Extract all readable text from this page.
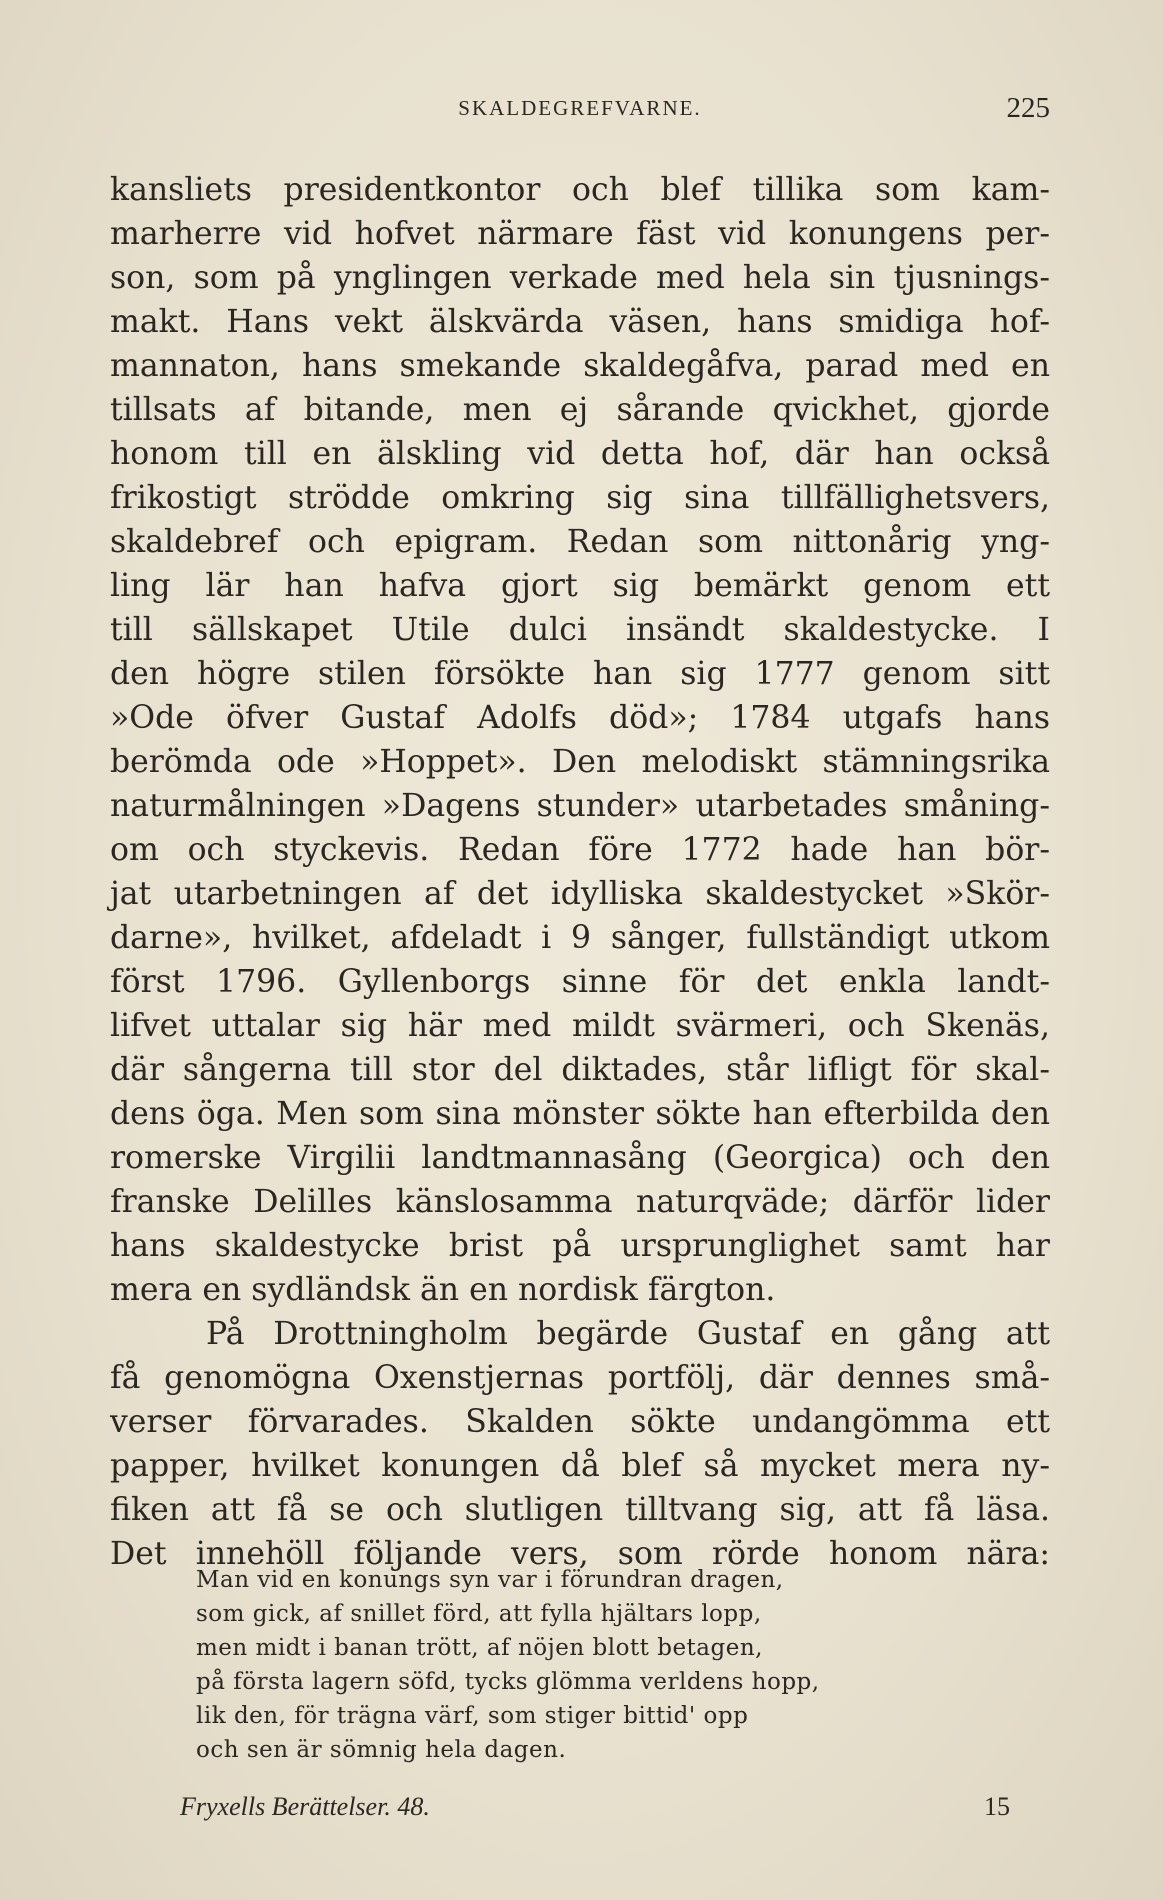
SKALDEGREFVARNE.	225
kansliets presidentkontor och blef tillika som kam-
marherre vid hofvet närmare fäst vid konungens per-
son, som på ynglingen verkade med hela sin tjusnings-
makt. Hans vekt älskvärda väsen, hans smidiga hof-
mannaton, hans smekande skaldegåfva, parad med en
tillsats af bitande, men ej sårande qvickhet, gjorde
honom till en älskling vid detta hof, där han också
frikostigt strödde omkring sig sina tillfällighetsvers,
skaldebref och epigram. Redan som nittonårig yng-
ling lär han hafva gjort sig bemärkt genom ett
till sällskapet Utile dulci insändt skaldestycke. I
den högre stilen försökte han sig 1777 genom sitt
»Ode öfver Gustaf Adolfs död»; 1784 utgafs hans
berömda ode »Hoppet». Den melodiskt stämningsrika
naturmålningen »Dagens stunder» utarbetades småning-
om och styckevis. Redan före 1772 hade han bör-
jat utarbetningen af det idylliska skaldestycket »Skör-
darne», hvilket, afdeladt i 9 sånger, fullständigt utkom
först 1796. Gyllenborgs sinne för det enkla landt-
lifvet uttalar sig här med mildt svärmeri, och Skenäs,
där sångerna till stor del diktades, står lifligt för skal-
dens öga. Men som sina mönster sökte han efterbilda den
romerske Virgilii landtmannasång (Georgica) och den
franske Delilles känslosamma naturqväde; därför lider
hans skaldestycke brist på ursprunglighet samt har
mera en sydländsk än en nordisk färgton.
På Drottningholm begärde Gustaf en gång att
få genomögna Oxenstjernas portfölj, där dennes små-
verser förvarades. Skalden sökte undangömma ett
papper, hvilket konungen då blef så mycket mera ny-
fiken att få se och slutligen tilltvang sig, att få läsa.
Det innehöll följande vers, som rörde honom nära:
Man vid en konungs syn var i förundran dragen,
som gick, af snillet förd, att fylla hjältars lopp,
men midt i banan trött, af nöjen blott betagen,
på första lagern söfd, tycks glömma verldens hopp,
lik den, för trägna värf, som stiger bittid' opp
och sen är sömnig hela dagen.
Fryxells Berättelser. 48.	15
